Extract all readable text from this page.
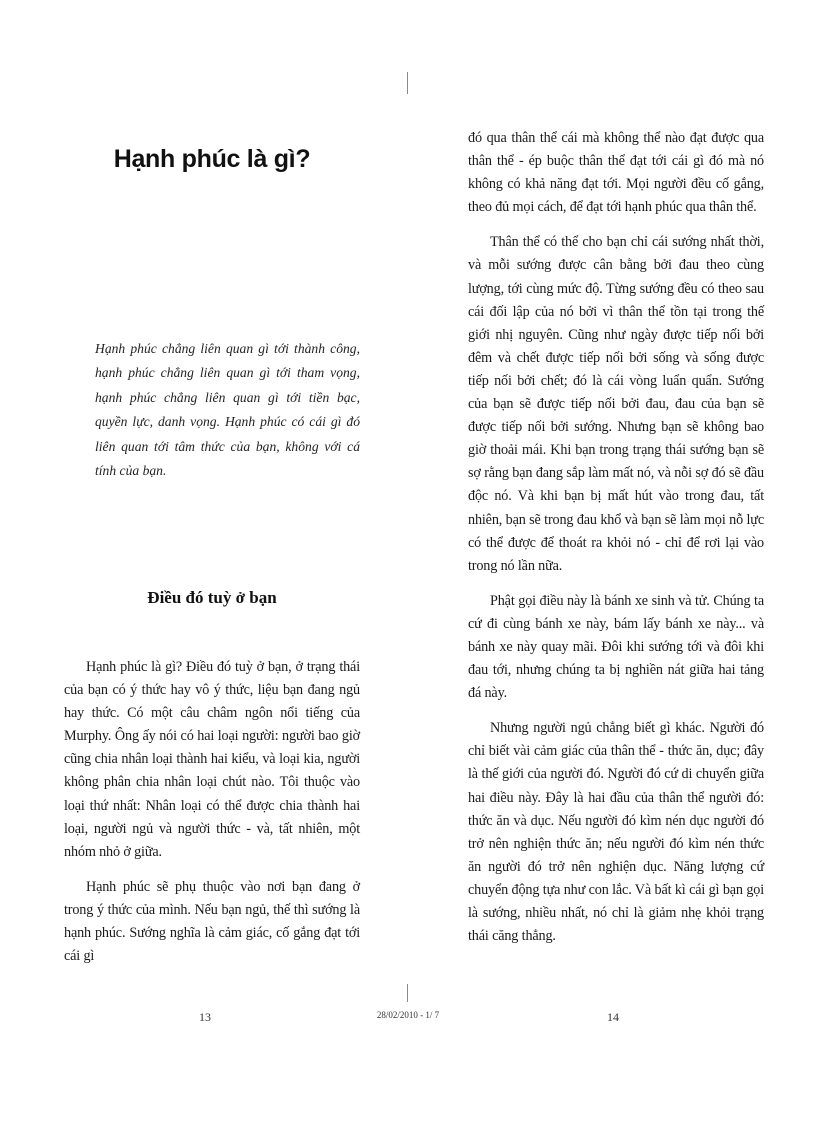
Hạnh phúc là gì?

Hạnh phúc chẳng liên quan gì tới thành công, hạnh phúc chẳng liên quan gì tới tham vọng, hạnh phúc chẳng liên quan gì tới tiền bạc, quyền lực, danh vọng. Hạnh phúc có cái gì đó liên quan tới tâm thức của bạn, không với cá tính của bạn.

Điều đó tuỳ ở bạn

Hạnh phúc là gì? Điều đó tuỳ ở bạn, ở trạng thái của bạn có ý thức hay vô ý thức, liệu bạn đang ngủ hay thức. Có một câu châm ngôn nổi tiếng của Murphy. Ông ấy nói có hai loại người: người bao giờ cũng chia nhân loại thành hai kiểu, và loại kia, người không phân chia nhân loại chút nào. Tôi thuộc vào loại thứ nhất: Nhân loại có thể được chia thành hai loại, người ngủ và người thức - và, tất nhiên, một nhóm nhỏ ở giữa.

Hạnh phúc sẽ phụ thuộc vào nơi bạn đang ở trong ý thức của mình. Nếu bạn ngủ, thế thì sướng là hạnh phúc. Sướng nghĩa là cảm giác, cố gắng đạt tới cái gì

đó qua thân thể cái mà không thể nào đạt được qua thân thể - ép buộc thân thể đạt tới cái gì đó mà nó không có khả năng đạt tới. Mọi người đều cố gắng, theo đủ mọi cách, để đạt tới hạnh phúc qua thân thể.

Thân thể có thể cho bạn chỉ cái sướng nhất thời, và mỗi sướng được cân bằng bởi đau theo cùng lượng, tới cùng mức độ. Từng sướng đều có theo sau cái đối lập của nó bởi vì thân thể tồn tại trong thế giới nhị nguyên. Cũng như ngày được tiếp nối bởi đêm và chết được tiếp nối bởi sống và sống được tiếp nối bởi chết; đó là cái vòng luẩn quẩn. Sướng của bạn sẽ được tiếp nối bởi đau, đau của bạn sẽ được tiếp nối bởi sướng. Nhưng bạn sẽ không bao giờ thoải mái. Khi bạn trong trạng thái sướng bạn sẽ sợ rằng bạn đang sắp làm mất nó, và nỗi sợ đó sẽ đầu độc nó. Và khi bạn bị mất hút vào trong đau, tất nhiên, bạn sẽ trong đau khổ và bạn sẽ làm mọi nỗ lực có thể được để thoát ra khỏi nó - chỉ để rơi lại vào trong nó lần nữa.

Phật gọi điều này là bánh xe sinh và tử. Chúng ta cứ đi cùng bánh xe này, bám lấy bánh xe này... và bánh xe này quay mãi. Đôi khi sướng tới và đôi khi đau tới, nhưng chúng ta bị nghiền nát giữa hai tảng đá này.

Nhưng người ngủ chẳng biết gì khác. Người đó chỉ biết vài cảm giác của thân thể - thức ăn, dục; đây là thế giới của người đó. Người đó cứ di chuyển giữa hai điều này. Đây là hai đầu của thân thể người đó: thức ăn và dục. Nếu người đó kìm nén dục người đó trở nên nghiện thức ăn; nếu người đó kìm nén thức ăn người đó trở nên nghiện dục. Năng lượng cứ chuyển động tựa như con lắc. Và bất kì cái gì bạn gọi là sướng, nhiều nhất, nó chỉ là giảm nhẹ khỏi trạng thái căng thẳng.

13	28/02/2010 - 1/ 7	14
